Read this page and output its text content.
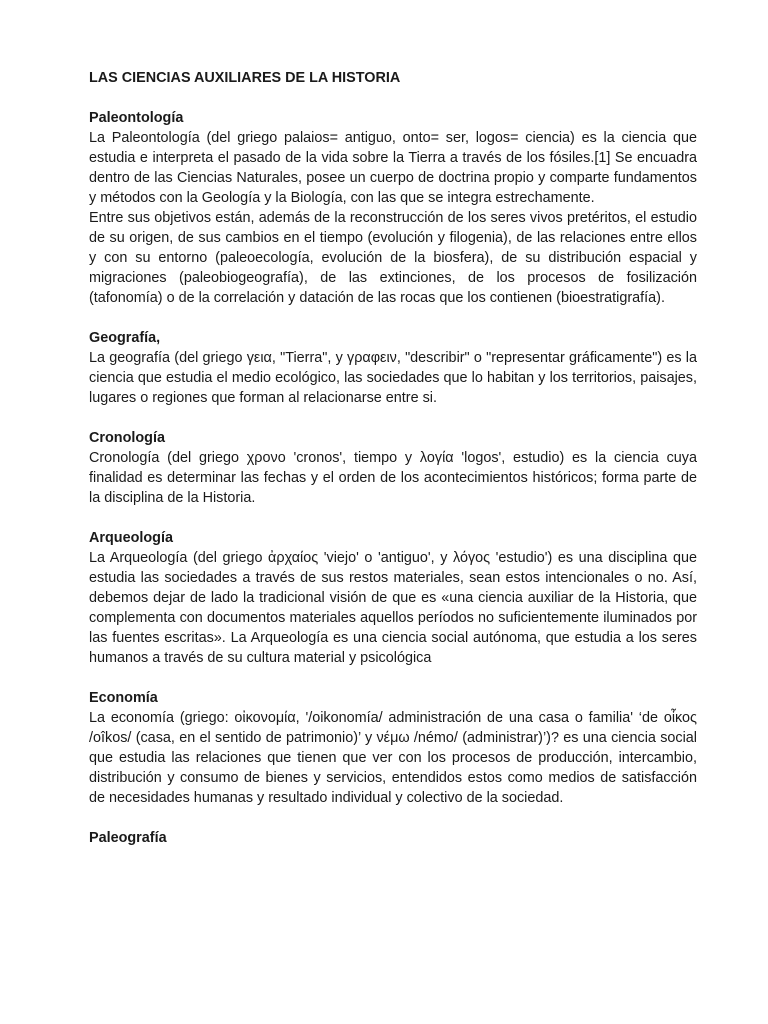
LAS CIENCIAS AUXILIARES DE LA HISTORIA
Paleontología

La Paleontología (del griego palaios= antiguo, onto= ser, logos= ciencia) es la ciencia que estudia e interpreta el pasado de la vida sobre la Tierra a través de los fósiles.[1] Se encuadra dentro de las Ciencias Naturales, posee un cuerpo de doctrina propio y comparte fundamentos y métodos con la Geología y la Biología, con las que se integra estrechamente.

Entre sus objetivos están, además de la reconstrucción de los seres vivos pretéritos, el estudio de su origen, de sus cambios en el tiempo (evolución y filogenia), de las relaciones entre ellos y con su entorno (paleoecología, evolución de la biosfera), de su distribución espacial y migraciones (paleobiogeografía), de las extinciones, de los procesos de fosilización (tafonomía) o de la correlación y datación de las rocas que los contienen (bioestratigrafía).

Geografía,

La geografía (del griego γεια, "Tierra", y γραφειν, "describir" o "representar gráficamente") es la ciencia que estudia el medio ecológico, las sociedades que lo habitan y los territorios, paisajes, lugares o regiones que forman al relacionarse entre si.

Cronología

Cronología (del griego χρονο 'cronos', tiempo y λογία 'logos', estudio) es la ciencia cuya finalidad es determinar las fechas y el orden de los acontecimientos históricos; forma parte de la disciplina de la Historia.

Arqueología

La Arqueología (del griego ἀρχαίος 'viejo' o 'antiguo', y λόγος 'estudio') es una disciplina que estudia las sociedades a través de sus restos materiales, sean estos intencionales o no. Así, debemos dejar de lado la tradicional visión de que es «una ciencia auxiliar de la Historia, que complementa con documentos materiales aquellos períodos no suficientemente iluminados por las fuentes escritas». La Arqueología es una ciencia social autónoma, que estudia a los seres humanos a través de su cultura material y psicológica

Economía

La economía (griego: οἰκονομία, '/oikonomía/ administración de una casa o familia' ‘de οἶκος /oîkos/ (casa, en el sentido de patrimonio)’ y νέμω /némo/ (administrar)’)? es una ciencia social que estudia las relaciones que tienen que ver con los procesos de producción, intercambio, distribución y consumo de bienes y servicios, entendidos estos como medios de satisfacción de necesidades humanas y resultado individual y colectivo de la sociedad.

Paleografía
